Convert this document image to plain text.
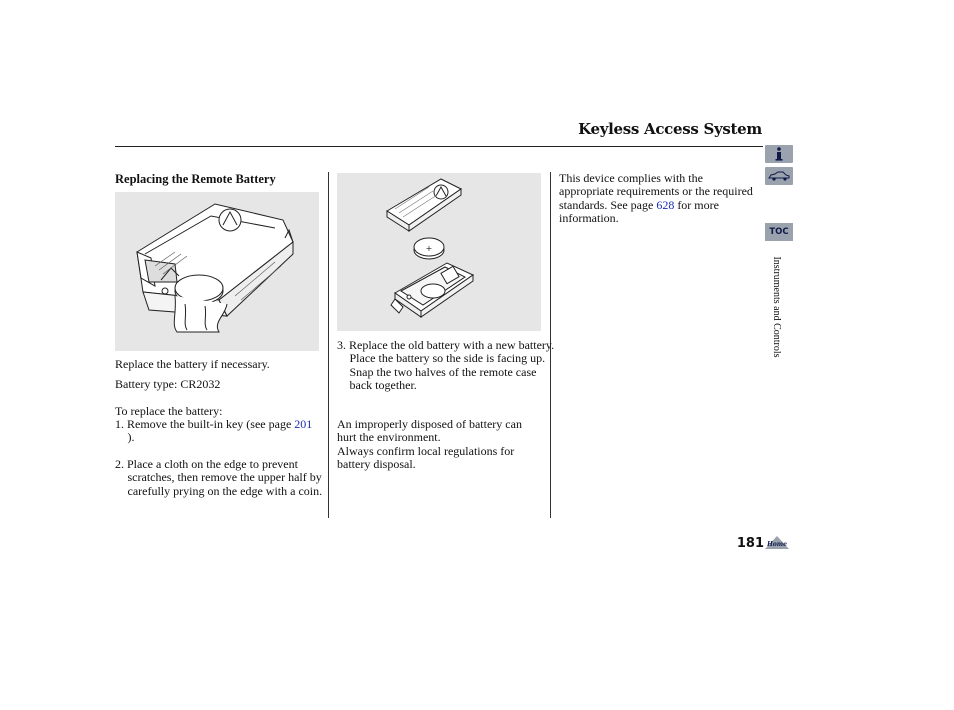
Keyless Access System
Replacing the Remote Battery
Replace the battery if necessary.
Battery type: CR2032
To replace the battery:
1. Remove the built-in key (see page 201 ).
2. Place a cloth on the edge to prevent scratches, then remove the upper half by carefully prying on the edge with a coin.
+
3. Replace the old battery with a new battery. Place the battery so the side is facing up. Snap the two halves of the remote case back together.
An improperly disposed of battery can hurt the environment.
Always confirm local regulations for battery disposal.
This device complies with the appropriate requirements or the required standards. See page 628 for more information.
TOC
Instruments and Controls
181 Home
